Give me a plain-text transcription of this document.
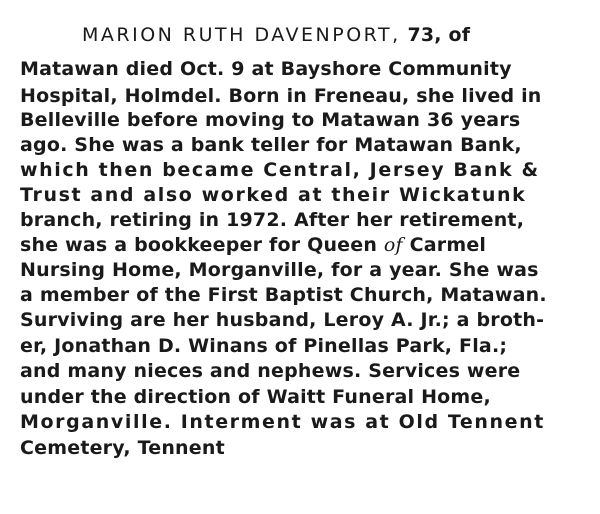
MARION RUTH DAVENPORT, 73, of
Matawan died Oct. 9 at Bayshore Community
Hospital, Holmdel. Born in Freneau, she lived in
Belleville before moving to Matawan 36 years
ago. She was a bank teller for Matawan Bank,
which then became Central, Jersey Bank &
Trust and also worked at their Wickatunk
branch, retiring in 1972. After her retirement,
she was a bookkeeper for Queen of Carmel
Nursing Home, Morganville, for a year. She was
a member of the First Baptist Church, Matawan.
Surviving are her husband, Leroy A. Jr.; a broth-
er, Jonathan D. Winans of Pinellas Park, Fla.;
and many nieces and nephews. Services were
under the direction of Waitt Funeral Home,
Morganville. Interment was at Old Tennent
Cemetery, Tennent
